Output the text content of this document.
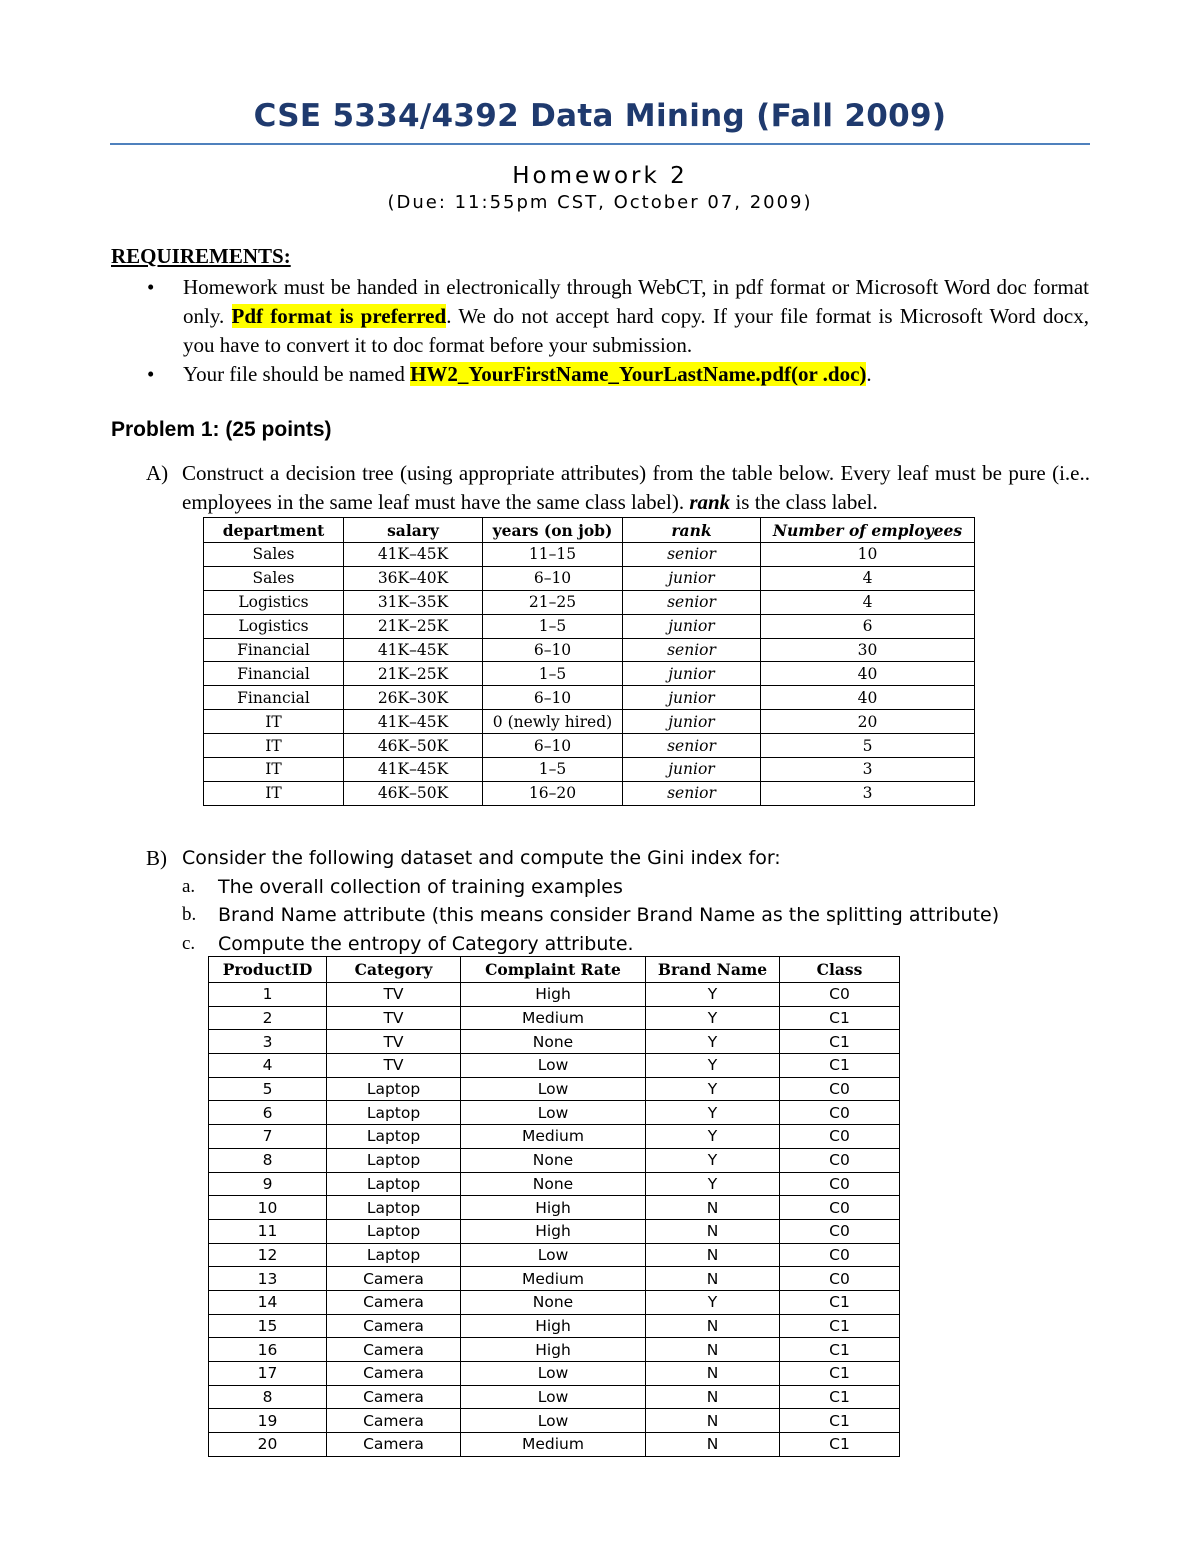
CSE 5334/4392 Data Mining (Fall 2009)
Homework 2
(Due: 11:55pm CST, October 07, 2009)
REQUIREMENTS:
• Homework must be handed in electronically through WebCT, in pdf format or Microsoft Word doc format only. Pdf format is preferred. We do not accept hard copy. If your file format is Microsoft Word docx, you have to convert it to doc format before your submission.
• Your file should be named HW2_YourFirstName_YourLastName.pdf(or .doc).
Problem 1: (25 points)
A) Construct a decision tree (using appropriate attributes) from the table below. Every leaf must be pure (i.e.. employees in the same leaf must have the same class label). rank is the class label.
department	salary	years (on job)	rank	Number of employees
Sales	41K–45K	11–15	senior	10
Sales	36K–40K	6–10	junior	4
Logistics	31K–35K	21–25	senior	4
Logistics	21K–25K	1–5	junior	6
Financial	41K–45K	6–10	senior	30
Financial	21K–25K	1–5	junior	40
Financial	26K–30K	6–10	junior	40
IT	41K–45K	0 (newly hired)	junior	20
IT	46K–50K	6–10	senior	5
IT	41K–45K	1–5	junior	3
IT	46K–50K	16–20	senior	3
B) Consider the following dataset and compute the Gini index for:
a. The overall collection of training examples
b. Brand Name attribute (this means consider Brand Name as the splitting attribute)
c. Compute the entropy of Category attribute.
ProductID	Category	Complaint Rate	Brand Name	Class
1	TV	High	Y	C0
2	TV	Medium	Y	C1
3	TV	None	Y	C1
4	TV	Low	Y	C1
5	Laptop	Low	Y	C0
6	Laptop	Low	Y	C0
7	Laptop	Medium	Y	C0
8	Laptop	None	Y	C0
9	Laptop	None	Y	C0
10	Laptop	High	N	C0
11	Laptop	High	N	C0
12	Laptop	Low	N	C0
13	Camera	Medium	N	C0
14	Camera	None	Y	C1
15	Camera	High	N	C1
16	Camera	High	N	C1
17	Camera	Low	N	C1
8	Camera	Low	N	C1
19	Camera	Low	N	C1
20	Camera	Medium	N	C1
